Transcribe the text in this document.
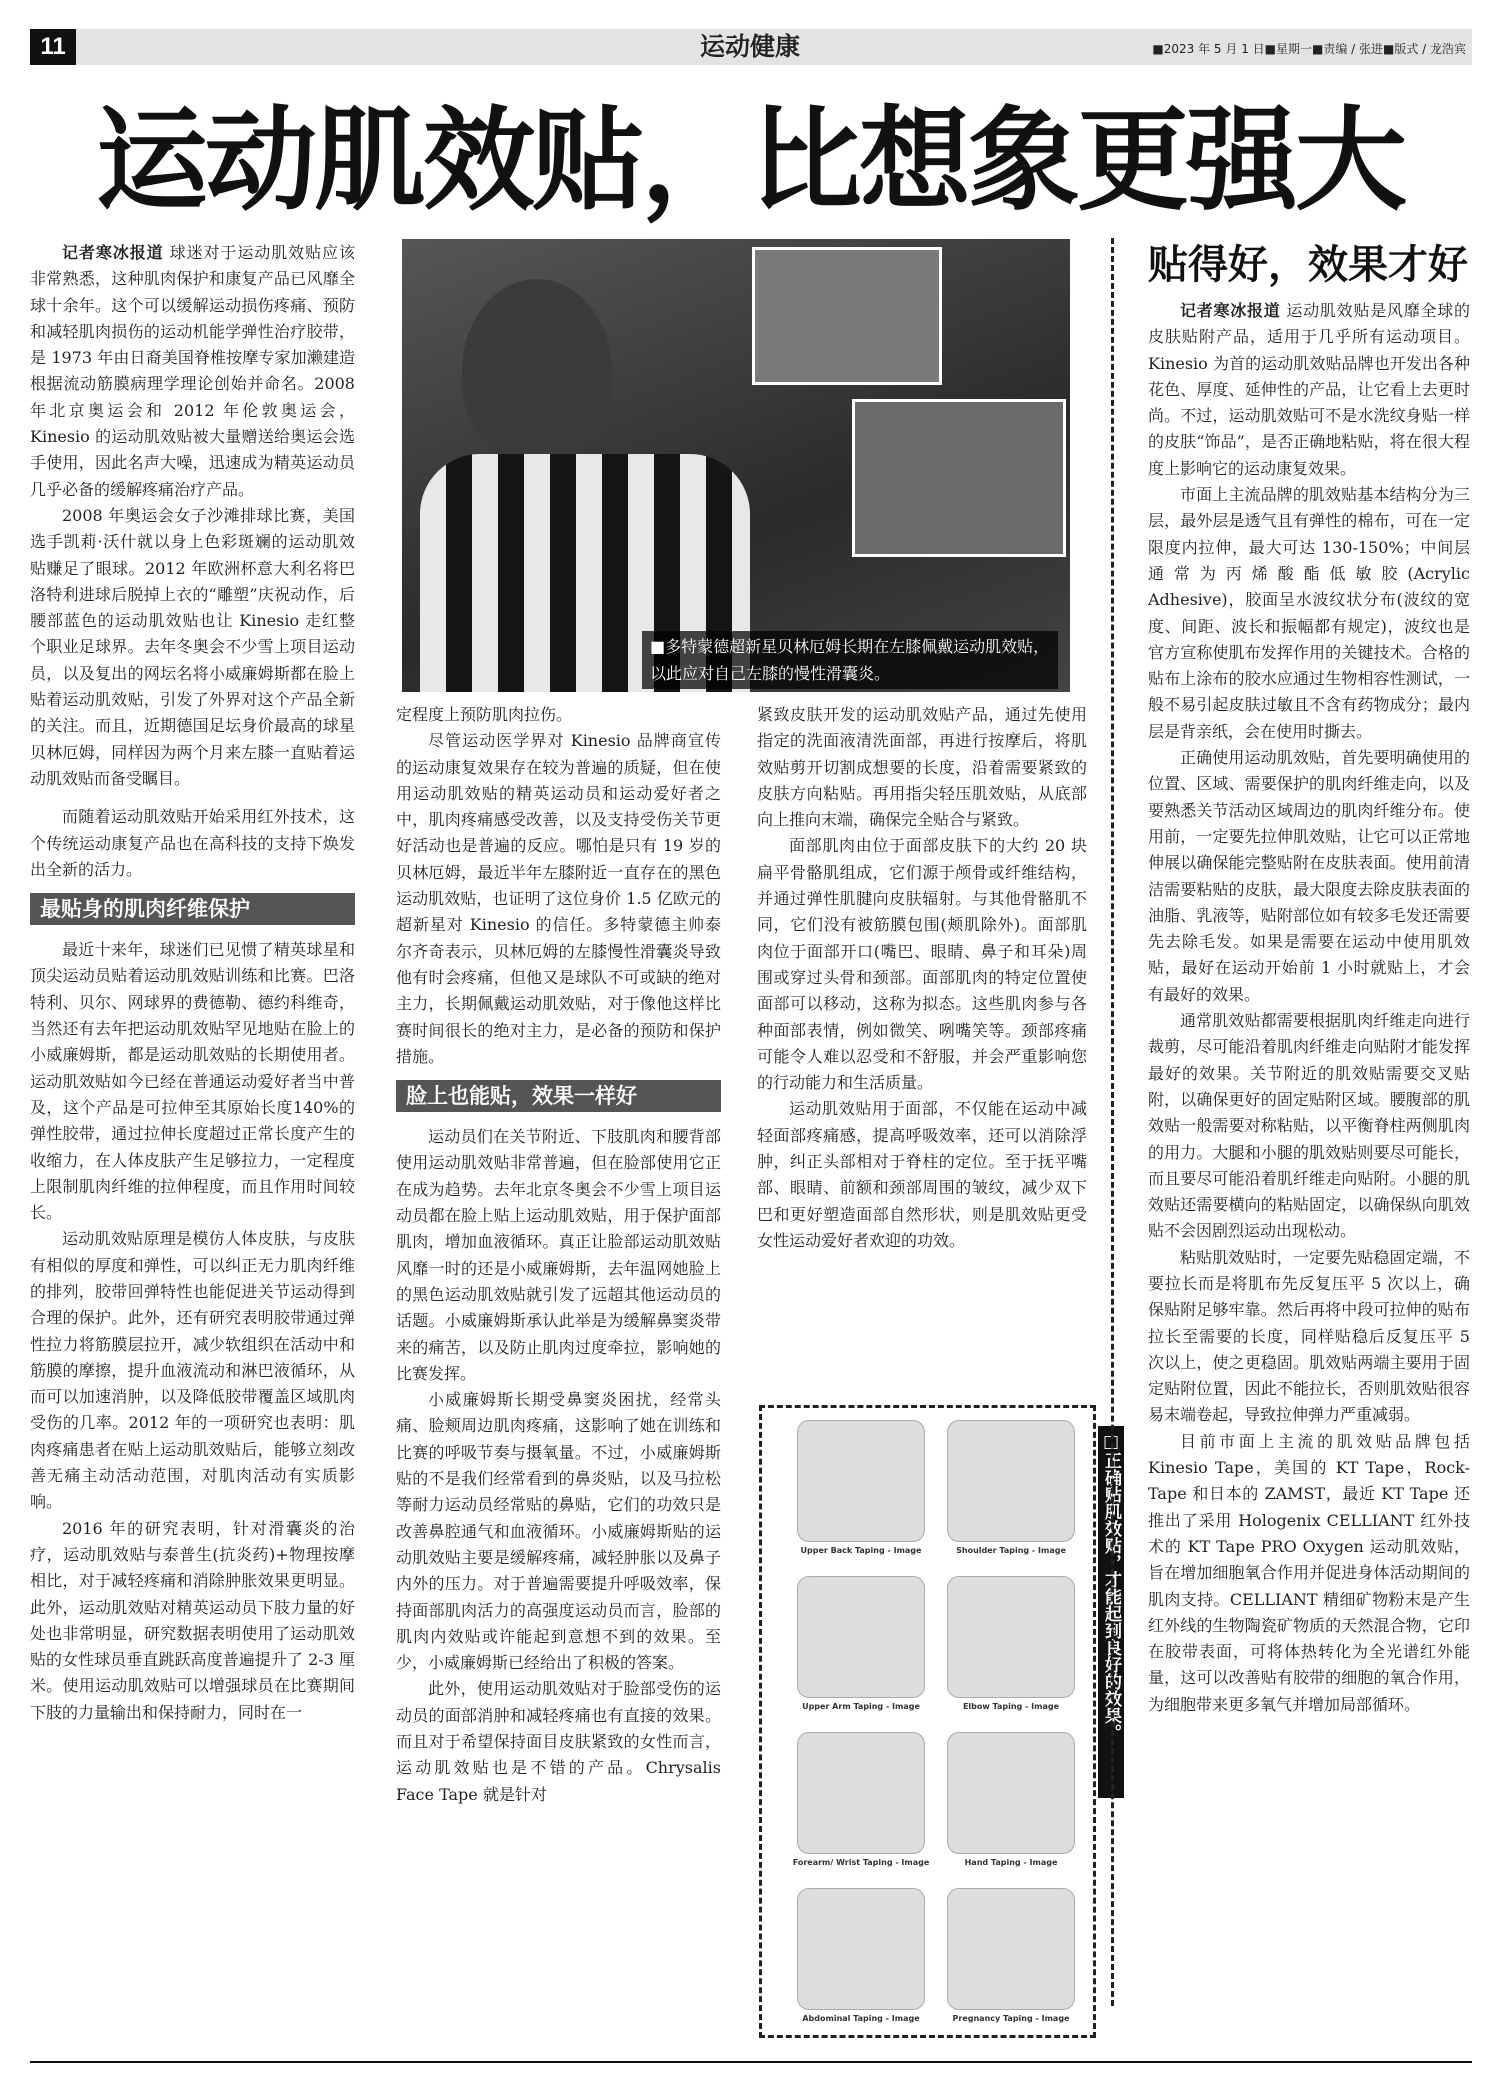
11	运动健康	■2023 年 5 月 1 日■星期一■责编 / 张进■版式 / 龙浩宾
运动肌效贴，比想象更强大

记者寒冰报道 球迷对于运动肌效贴应该非常熟悉，这种肌肉保护和康复产品已风靡全球十余年。这个可以缓解运动损伤疼痛、预防和减轻肌肉损伤的运动机能学弹性治疗胶带，是 1973 年由日裔美国脊椎按摩专家加濑建造根据流动筋膜病理学理论创始并命名。2008 年北京奥运会和 2012 年伦敦奥运会，Kinesio 的运动肌效贴被大量赠送给奥运会选手使用，因此名声大噪，迅速成为精英运动员几乎必备的缓解疼痛治疗产品。

2008 年奥运会女子沙滩排球比赛，美国选手凯莉·沃什就以身上色彩斑斓的运动肌效贴赚足了眼球。2012 年欧洲杯意大利名将巴洛特利进球后脱掉上衣的“雕塑”庆祝动作，后腰部蓝色的运动肌效贴也让 Kinesio 走红整个职业足球界。去年冬奥会不少雪上项目运动员，以及复出的网坛名将小威廉姆斯都在脸上贴着运动肌效贴，引发了外界对这个产品全新的关注。而且，近期德国足坛身价最高的球星贝林厄姆，同样因为两个月来左膝一直贴着运动肌效贴而备受瞩目。

而随着运动肌效贴开始采用红外技术，这个传统运动康复产品也在高科技的支持下焕发出全新的活力。

最贴身的肌肉纤维保护

最近十来年，球迷们已见惯了精英球星和顶尖运动员贴着运动肌效贴训练和比赛。巴洛特利、贝尔、网球界的费德勒、德约科维奇，当然还有去年把运动肌效贴罕见地贴在脸上的小威廉姆斯，都是运动肌效贴的长期使用者。运动肌效贴如今已经在普通运动爱好者当中普及，这个产品是可拉伸至其原始长度140%的弹性胶带，通过拉伸长度超过正常长度产生的收缩力，在人体皮肤产生足够拉力，一定程度上限制肌肉纤维的拉伸程度，而且作用时间较长。

运动肌效贴原理是模仿人体皮肤，与皮肤有相似的厚度和弹性，可以纠正无力肌肉纤维的排列，胶带回弹特性也能促进关节运动得到合理的保护。此外，还有研究表明胶带通过弹性拉力将筋膜层拉开，减少软组织在活动中和筋膜的摩擦，提升血液流动和淋巴液循环，从而可以加速消肿，以及降低胶带覆盖区域肌肉受伤的几率。2012 年的一项研究也表明：肌肉疼痛患者在贴上运动肌效贴后，能够立刻改善无痛主动活动范围，对肌肉活动有实质影响。

2016 年的研究表明，针对滑囊炎的治疗，运动肌效贴与泰普生(抗炎药)+物理按摩相比，对于减轻疼痛和消除肿胀效果更明显。此外，运动肌效贴对精英运动员下肢力量的好处也非常明显，研究数据表明使用了运动肌效贴的女性球员垂直跳跃高度普遍提升了 2-3 厘米。使用运动肌效贴可以增强球员在比赛期间下肢的力量输出和保持耐力，同时在一

■多特蒙德超新星贝林厄姆长期在左膝佩戴运动肌效贴，以此应对自己左膝的慢性滑囊炎。

定程度上预防肌肉拉伤。

尽管运动医学界对 Kinesio 品牌商宣传的运动康复效果存在较为普遍的质疑，但在使用运动肌效贴的精英运动员和运动爱好者之中，肌肉疼痛感受改善，以及支持受伤关节更好活动也是普遍的反应。哪怕是只有 19 岁的贝林厄姆，最近半年左膝附近一直存在的黑色运动肌效贴，也证明了这位身价 1.5 亿欧元的超新星对 Kinesio 的信任。多特蒙德主帅泰尔齐奇表示，贝林厄姆的左膝慢性滑囊炎导致他有时会疼痛，但他又是球队不可或缺的绝对主力，长期佩戴运动肌效贴，对于像他这样比赛时间很长的绝对主力，是必备的预防和保护措施。

脸上也能贴，效果一样好

运动员们在关节附近、下肢肌肉和腰背部使用运动肌效贴非常普遍，但在脸部使用它正在成为趋势。去年北京冬奥会不少雪上项目运动员都在脸上贴上运动肌效贴，用于保护面部肌肉，增加血液循环。真正让脸部运动肌效贴风靡一时的还是小威廉姆斯，去年温网她脸上的黑色运动肌效贴就引发了远超其他运动员的话题。小威廉姆斯承认此举是为缓解鼻窦炎带来的痛苦，以及防止肌肉过度牵拉，影响她的比赛发挥。

小威廉姆斯长期受鼻窦炎困扰，经常头痛、脸颊周边肌肉疼痛，这影响了她在训练和比赛的呼吸节奏与摄氧量。不过，小威廉姆斯贴的不是我们经常看到的鼻炎贴，以及马拉松等耐力运动员经常贴的鼻贴，它们的功效只是改善鼻腔通气和血液循环。小威廉姆斯贴的运动肌效贴主要是缓解疼痛，减轻肿胀以及鼻子内外的压力。对于普遍需要提升呼吸效率，保持面部肌肉活力的高强度运动员而言，脸部的肌肉内效贴或许能起到意想不到的效果。至少，小威廉姆斯已经给出了积极的答案。

此外，使用运动肌效贴对于脸部受伤的运动员的面部消肿和减轻疼痛也有直接的效果。而且对于希望保持面目皮肤紧致的女性而言，运动肌效贴也是不错的产品。Chrysalis Face Tape 就是针对

紧致皮肤开发的运动肌效贴产品，通过先使用指定的洗面液清洗面部，再进行按摩后，将肌效贴剪开切割成想要的长度，沿着需要紧致的皮肤方向粘贴。再用指尖轻压肌效贴，从底部向上推向末端，确保完全贴合与紧致。

面部肌肉由位于面部皮肤下的大约 20 块扁平骨骼肌组成，它们源于颅骨或纤维结构，并通过弹性肌腱向皮肤辐射。与其他骨骼肌不同，它们没有被筋膜包围(颊肌除外)。面部肌肉位于面部开口(嘴巴、眼睛、鼻子和耳朵)周围或穿过头骨和颈部。面部肌肉的特定位置使面部可以移动，这称为拟态。这些肌肉参与各种面部表情，例如微笑、咧嘴笑等。颈部疼痛可能令人难以忍受和不舒服，并会严重影响您的行动能力和生活质量。

运动肌效贴用于面部，不仅能在运动中减轻面部疼痛感，提高呼吸效率，还可以消除浮肿，纠正头部相对于脊柱的定位。至于抚平嘴部、眼睛、前额和颈部周围的皱纹，减少双下巴和更好塑造面部自然形状，则是肌效贴更受女性运动爱好者欢迎的功效。

Upper Back Taping - Image	Shoulder Taping - Image
Upper Arm Taping - Image	Elbow Taping - Image
Forearm/ Wrist Taping - Image	Hand Taping - Image
Abdominal Taping - Image	Pregnancy Taping - Image
□正确贴肌效贴，才能起到良好的效果。
贴得好，效果才好

记者寒冰报道 运动肌效贴是风靡全球的皮肤贴附产品，适用于几乎所有运动项目。Kinesio 为首的运动肌效贴品牌也开发出各种花色、厚度、延伸性的产品，让它看上去更时尚。不过，运动肌效贴可不是水洗纹身贴一样的皮肤“饰品”，是否正确地粘贴，将在很大程度上影响它的运动康复效果。

市面上主流品牌的肌效贴基本结构分为三层，最外层是透气且有弹性的棉布，可在一定限度内拉伸，最大可达 130-150%；中间层通常为丙烯酸酯低敏胶(Acrylic Adhesive)，胶面呈水波纹状分布(波纹的宽度、间距、波长和振幅都有规定)，波纹也是官方宣称使肌布发挥作用的关键技术。合格的贴布上涂布的胶水应通过生物相容性测试，一般不易引起皮肤过敏且不含有药物成分；最内层是背亲纸，会在使用时撕去。

正确使用运动肌效贴，首先要明确使用的位置、区域、需要保护的肌肉纤维走向，以及要熟悉关节活动区域周边的肌肉纤维分布。使用前，一定要先拉伸肌效贴，让它可以正常地伸展以确保能完整贴附在皮肤表面。使用前清洁需要粘贴的皮肤，最大限度去除皮肤表面的油脂、乳液等，贴附部位如有较多毛发还需要先去除毛发。如果是需要在运动中使用肌效贴，最好在运动开始前 1 小时就贴上，才会有最好的效果。

通常肌效贴都需要根据肌肉纤维走向进行裁剪，尽可能沿着肌肉纤维走向贴附才能发挥最好的效果。关节附近的肌效贴需要交叉贴附，以确保更好的固定贴附区域。腰腹部的肌效贴一般需要对称粘贴，以平衡脊柱两侧肌肉的用力。大腿和小腿的肌效贴则要尽可能长，而且要尽可能沿着肌纤维走向贴附。小腿的肌效贴还需要横向的粘贴固定，以确保纵向肌效贴不会因剧烈运动出现松动。

粘贴肌效贴时，一定要先贴稳固定端，不要拉长而是将肌布先反复压平 5 次以上，确保贴附足够牢靠。然后再将中段可拉伸的贴布拉长至需要的长度，同样贴稳后反复压平 5 次以上，使之更稳固。肌效贴两端主要用于固定贴附位置，因此不能拉长，否则肌效贴很容易末端卷起，导致拉伸弹力严重减弱。

目前市面上主流的肌效贴品牌包括 Kinesio Tape，美国的 KT Tape，Rock-Tape 和日本的 ZAMST，最近 KT Tape 还推出了采用 Hologenix CELLIANT 红外技术的 KT Tape PRO Oxygen 运动肌效贴，旨在增加细胞氧合作用并促进身体活动期间的肌肉支持。CELLIANT 精细矿物粉末是产生红外线的生物陶瓷矿物质的天然混合物，它印在胶带表面，可将体热转化为全光谱红外能量，这可以改善贴有胶带的细胞的氧合作用，为细胞带来更多氧气并增加局部循环。
